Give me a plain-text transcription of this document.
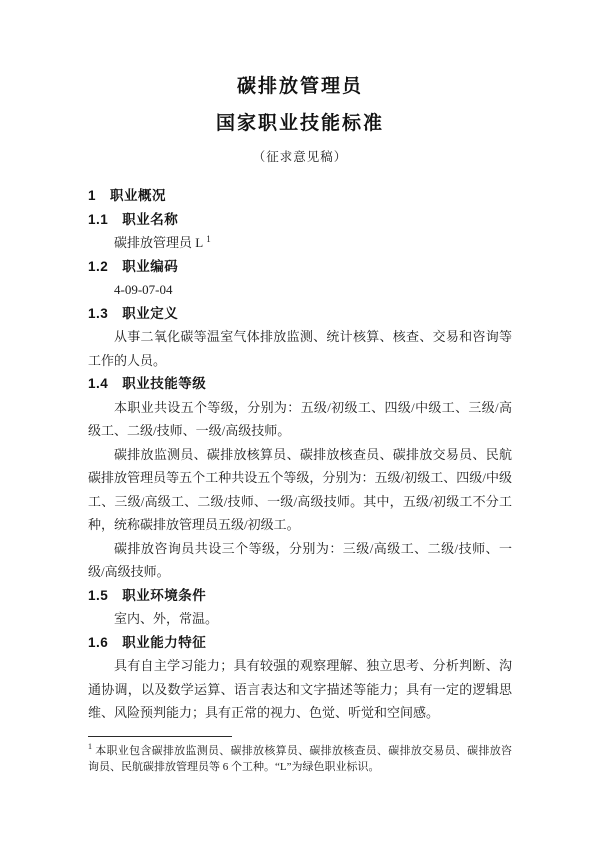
碳排放管理员
国家职业技能标准
（征求意见稿）
1　职业概况
1.1　职业名称

碳排放管理员 L $^1$

1.2　职业编码

4-09-07-04

1.3　职业定义

从事二氧化碳等温室气体排放监测、统计核算、核查、交易和咨询等工作的人员。

1.4　职业技能等级

本职业共设五个等级，分别为：五级/初级工、四级/中级工、三级/高级工、二级/技师、一级/高级技师。

碳排放监测员、碳排放核算员、碳排放核查员、碳排放交易员、民航碳排放管理员等五个工种共设五个等级，分别为：五级/初级工、四级/中级工、三级/高级工、二级/技师、一级/高级技师。其中，五级/初级工不分工种，统称碳排放管理员五级/初级工。

碳排放咨询员共设三个等级，分别为：三级/高级工、二级/技师、一级/高级技师。

1.5　职业环境条件

室内、外，常温。

1.6　职业能力特征

具有自主学习能力；具有较强的观察理解、独立思考、分析判断、沟通协调，以及数学运算、语言表达和文字描述等能力；具有一定的逻辑思维、风险预判能力；具有正常的视力、色觉、听觉和空间感。

$^1$ 本职业包含碳排放监测员、碳排放核算员、碳排放核查员、碳排放交易员、碳排放咨询员、民航碳排放管理员等 6 个工种。“L”为绿色职业标识。
